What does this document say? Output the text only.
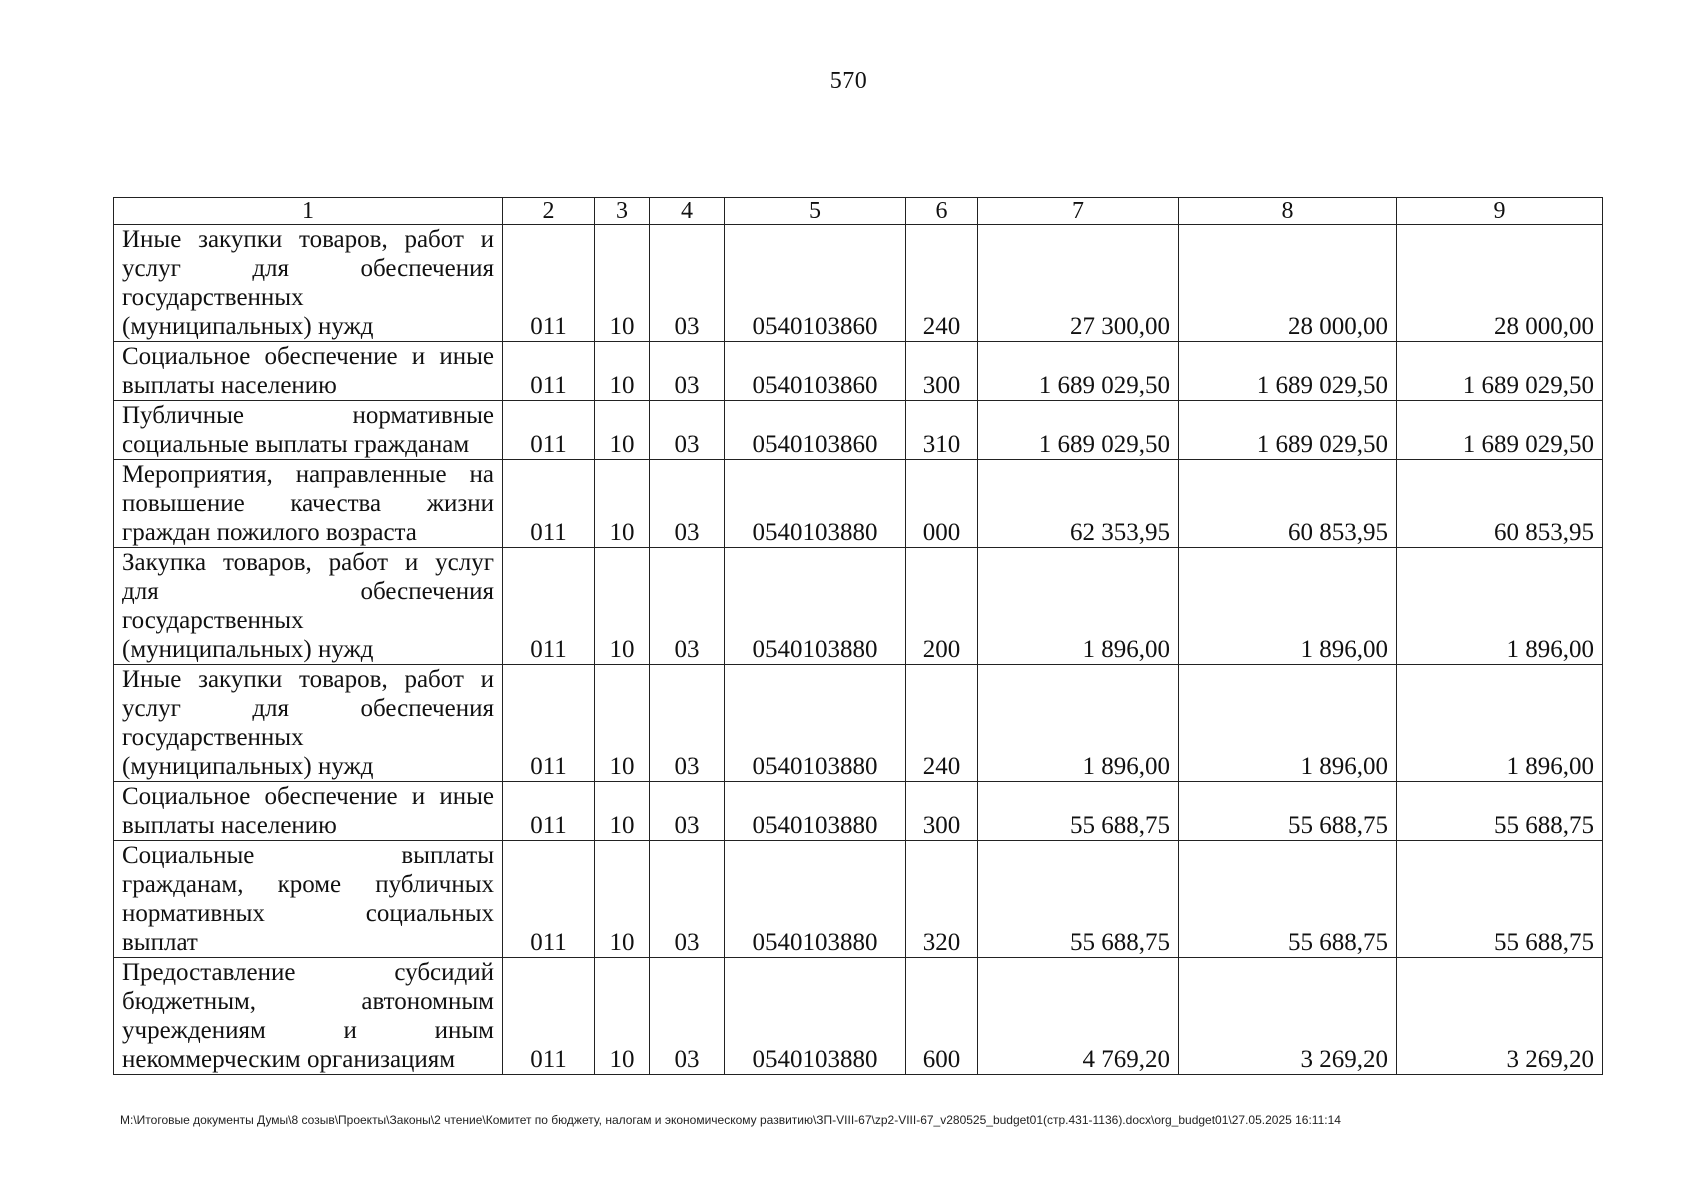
570
1	2	3	4	5	6	7	8	9

Иные закупки товаров, работ и
услуг для обеспечения
государственных
(муниципальных) нужд	011	10	03	0540103860	240	27 300,00	28 000,00	28 000,00

Социальное обеспечение и иные
выплаты населению	011	10	03	0540103860	300	1 689 029,50	1 689 029,50	1 689 029,50

Публичные нормативные
социальные выплаты гражданам	011	10	03	0540103860	310	1 689 029,50	1 689 029,50	1 689 029,50

Мероприятия, направленные на
повышение качества жизни
граждан пожилого возраста	011	10	03	0540103880	000	62 353,95	60 853,95	60 853,95

Закупка товаров, работ и услуг
для обеспечения
государственных
(муниципальных) нужд	011	10	03	0540103880	200	1 896,00	1 896,00	1 896,00

Иные закупки товаров, работ и
услуг для обеспечения
государственных
(муниципальных) нужд	011	10	03	0540103880	240	1 896,00	1 896,00	1 896,00

Социальное обеспечение и иные
выплаты населению	011	10	03	0540103880	300	55 688,75	55 688,75	55 688,75

Социальные выплаты
гражданам, кроме публичных
нормативных социальных
выплат	011	10	03	0540103880	320	55 688,75	55 688,75	55 688,75

Предоставление субсидий
бюджетным, автономным
учреждениям и иным
некоммерческим организациям	011	10	03	0540103880	600	4 769,20	3 269,20	3 269,20
M:\Итоговые документы Думы\8 созыв\Проекты\Законы\2 чтение\Комитет по бюджету, налогам и экономическому развитию\ЗП-VIII-67\zp2-VIII-67_v280525_budget01(стр.431-1136).docx\org_budget01\27.05.2025 16:11:14
